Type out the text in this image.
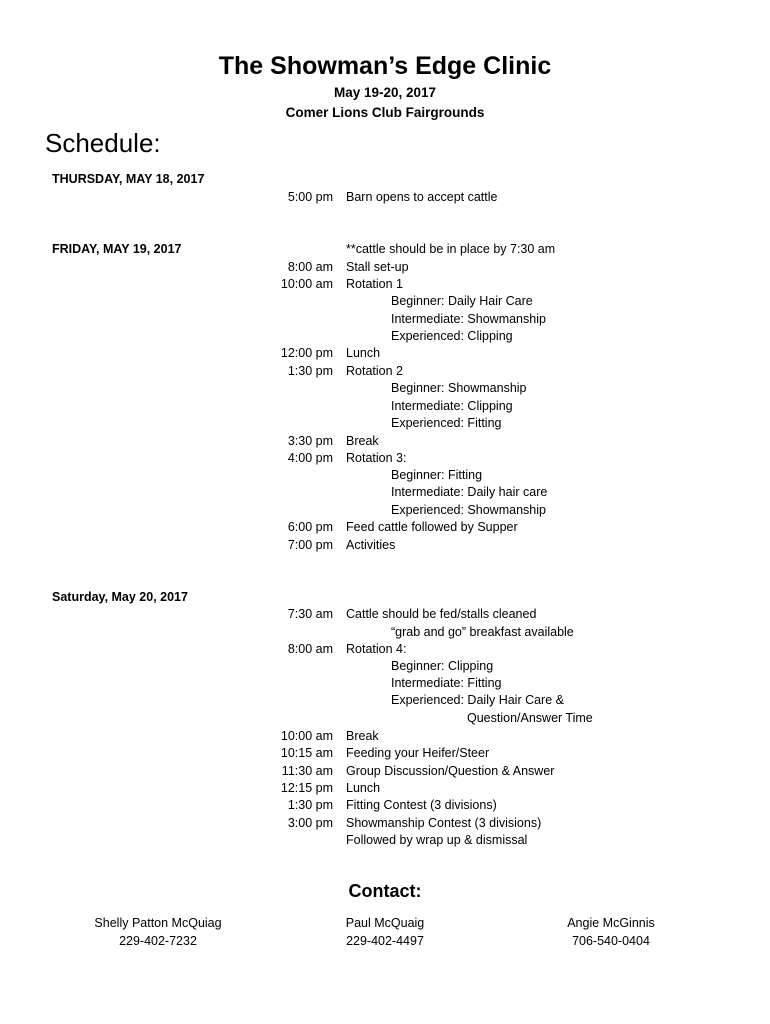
The Showman’s Edge Clinic
May 19-20, 2017
Comer Lions Club Fairgrounds
Schedule:
THURSDAY, MAY 18, 2017
5:00 pm Barn opens to accept cattle
FRIDAY, MAY 19, 2017	**cattle should be in place by 7:30 am
8:00 am Stall set-up
10:00 am Rotation 1
Beginner: Daily Hair Care
Intermediate: Showmanship
Experienced: Clipping
12:00 pm Lunch
1:30 pm Rotation 2
Beginner: Showmanship
Intermediate: Clipping
Experienced: Fitting
3:30 pm Break
4:00 pm Rotation 3:
Beginner: Fitting
Intermediate: Daily hair care
Experienced: Showmanship
6:00 pm Feed cattle followed by Supper
7:00 pm Activities
Saturday, May 20, 2017
7:30 am Cattle should be fed/stalls cleaned
“grab and go” breakfast available
8:00 am Rotation 4:
Beginner: Clipping
Intermediate: Fitting
Experienced: Daily Hair Care &
Question/Answer Time
10:00 am Break
10:15 am Feeding your Heifer/Steer
11:30 am Group Discussion/Question & Answer
12:15 pm Lunch
1:30 pm Fitting Contest (3 divisions)
3:00 pm Showmanship Contest (3 divisions)
Followed by wrap up & dismissal
Contact:
Shelly Patton McQuiag
229-402-7232
Paul McQuaig
229-402-4497
Angie McGinnis
706-540-0404
